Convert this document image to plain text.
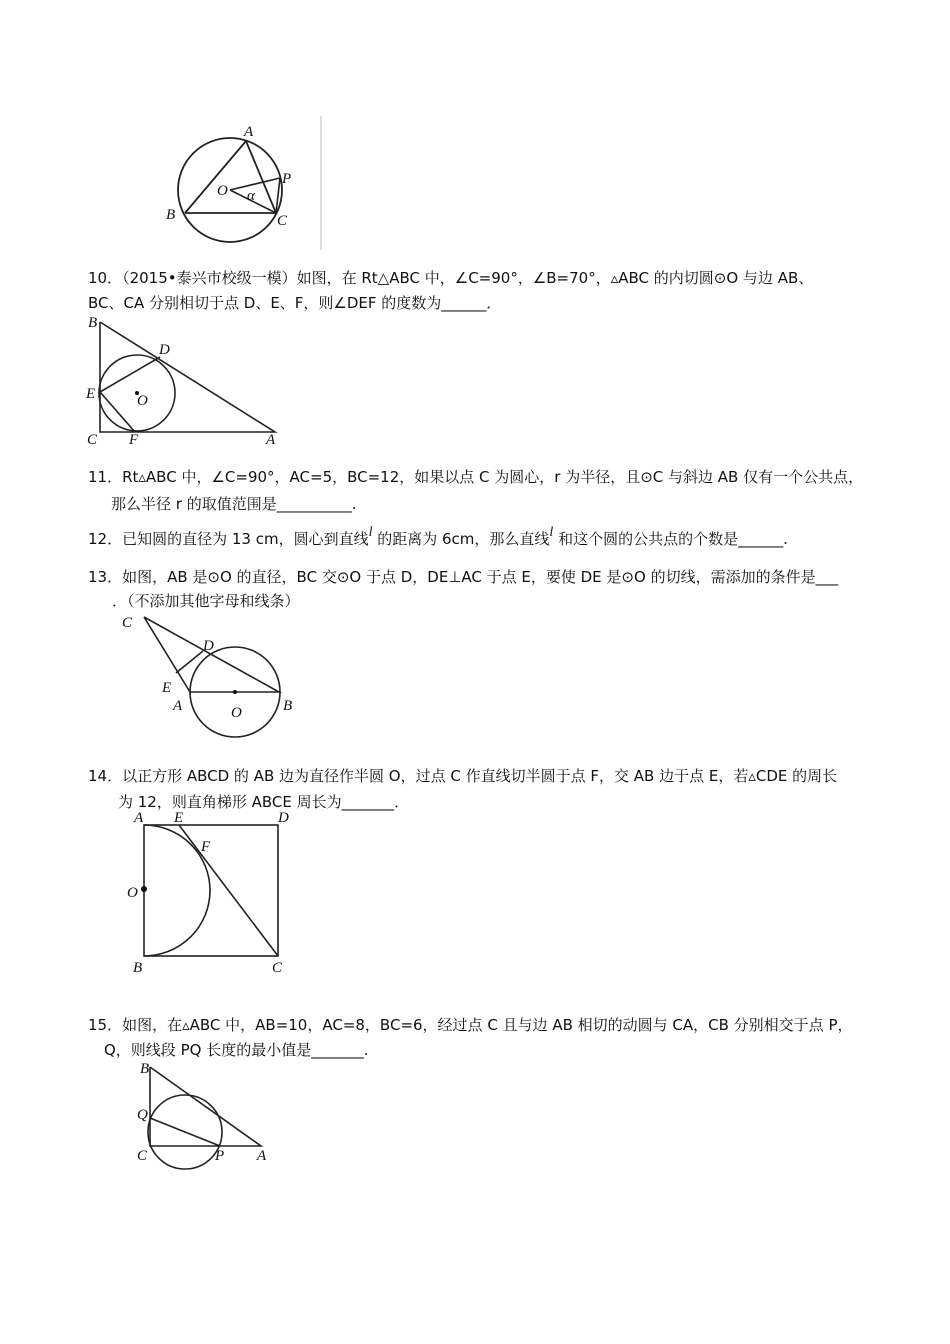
A
B	C
O
P
α
10．（2015•泰兴市校级一模）如图，在 Rt△ABC 中，∠C=90°，∠B=70°，▵ABC 的内切圆⊙O 与边 AB、
BC、CA 分别相切于点 D、E、F，则∠DEF 的度数为______．
B
D
E	O
C F	A
11．Rt▵ABC 中，∠C=90°，AC=5，BC=12，如果以点 C 为圆心，r 为半径，且⊙C 与斜边 AB 仅有一个公共点，
那么半径 r 的取值范围是__________.
12．已知圆的直径为 13 cm，圆心到直线l 的距离为 6cm，那么直线l 和这个圆的公共点的个数是______.
13．如图，AB 是⊙O 的直径，BC 交⊙O 于点 D，DE⊥AC 于点 E，要使 DE 是⊙O 的切线，需添加的条件是___
．（不添加其他字母和线条）
C
D
E
A	O	B
14．以正方形 ABCD 的 AB 边为直径作半圆 O，过点 C 作直线切半圆于点 F，交 AB 边于点 E，若▵CDE 的周长
为 12，则直角梯形 ABCE 周长为_______．
A E	D
F
O
B	C
15．如图，在▵ABC 中，AB=10，AC=8，BC=6，经过点 C 且与边 AB 相切的动圆与 CA，CB 分别相交于点 P，
Q，则线段 PQ 长度的最小值是_______.
B
Q
C	P A
